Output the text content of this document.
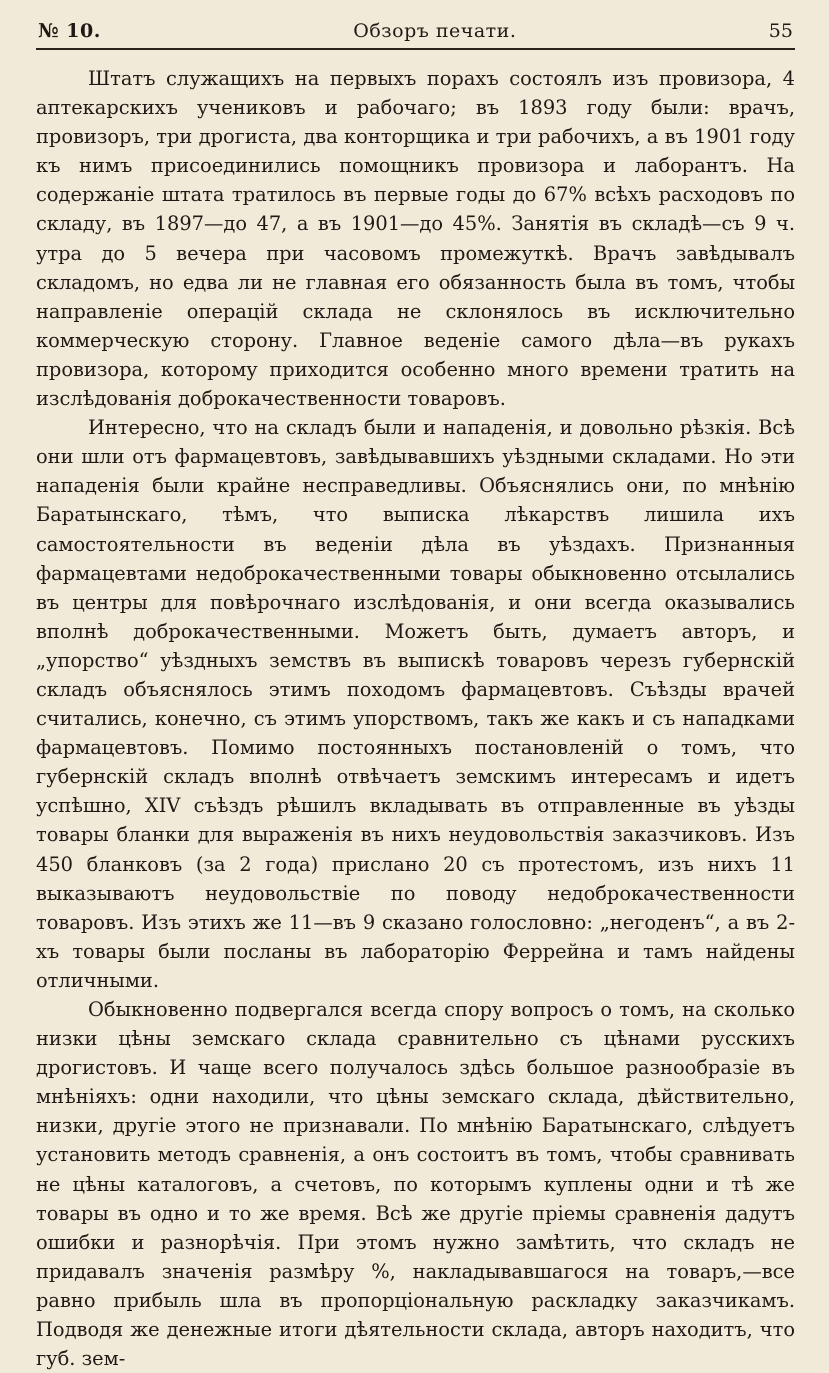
№ 10.	Обзоръ печати.	55

Штатъ служащихъ на первыхъ порахъ состоялъ изъ провизора, 4 аптекарскихъ учениковъ и рабочаго; въ 1893 году были: врачъ, провизоръ, три дрогиста, два конторщика и три рабочихъ, а въ 1901 году къ нимъ присоединились помощникъ провизора и лаборантъ. На содержаніе штата тратилось въ первые годы до 67% всѣхъ расходовъ по складу, въ 1897—до 47, а въ 1901—до 45%. Занятія въ складѣ—съ 9 ч. утра до 5 вечера при часовомъ промежуткѣ. Врачъ завѣдывалъ складомъ, но едва ли не главная его обязанность была въ томъ, чтобы направленіе операцій склада не склонялось въ исключительно коммерческую сторону. Главное веденіе самого дѣла—въ рукахъ провизора, которому приходится особенно много времени тратить на изслѣдованія доброкачественности товаровъ.

Интересно, что на складъ были и нападенія, и довольно рѣзкія. Всѣ они шли отъ фармацевтовъ, завѣдывавшихъ уѣздными складами. Но эти нападенія были крайне несправедливы. Объяснялись они, по мнѣнію Баратынскаго, тѣмъ, что выписка лѣкарствъ лишила ихъ самостоятельности въ веденіи дѣла въ уѣздахъ. Признанныя фармацевтами недоброкачественными товары обыкновенно отсылались въ центры для повѣрочнаго изслѣдованія, и они всегда оказывались вполнѣ доброкачественными. Можетъ быть, думаетъ авторъ, и „упорство“ уѣздныхъ земствъ въ выпискѣ товаровъ черезъ губернскій складъ объяснялось этимъ походомъ фармацевтовъ. Съѣзды врачей считались, конечно, съ этимъ упорствомъ, такъ же какъ и съ нападками фармацевтовъ. Помимо постоянныхъ постановленій о томъ, что губернскій складъ вполнѣ отвѣчаетъ земскимъ интересамъ и идетъ успѣшно, XIV съѣздъ рѣшилъ вкладывать въ отправленные въ уѣзды товары бланки для выраженія въ нихъ неудовольствія заказчиковъ. Изъ 450 бланковъ (за 2 года) прислано 20 съ протестомъ, изъ нихъ 11 выказываютъ неудовольствіе по поводу недоброкачественности товаровъ. Изъ этихъ же 11—въ 9 сказано голословно: „негоденъ“, а въ 2-хъ товары были посланы въ лабораторію Феррейна и тамъ найдены отличными.

Обыкновенно подвергался всегда спору вопросъ о томъ, на сколько низки цѣны земскаго склада сравнительно съ цѣнами русскихъ дрогистовъ. И чаще всего получалось здѣсь большое разнообразіе въ мнѣніяхъ: одни находили, что цѣны земскаго склада, дѣйствительно, низки, другіе этого не признавали. По мнѣнію Баратынскаго, слѣдуетъ установить методъ сравненія, а онъ состоитъ въ томъ, чтобы сравнивать не цѣны каталоговъ, а счетовъ, по которымъ куплены одни и тѣ же товары въ одно и то же время. Всѣ же другіе пріемы сравненія дадутъ ошибки и разнорѣчія. При этомъ нужно замѣтить, что складъ не придавалъ значенія размѣру %, накладывавшагося на товаръ,—все равно прибыль шла въ пропорціональную раскладку заказчикамъ. Подводя же денежные итоги дѣятельности склада, авторъ находитъ, что губ. зем-
